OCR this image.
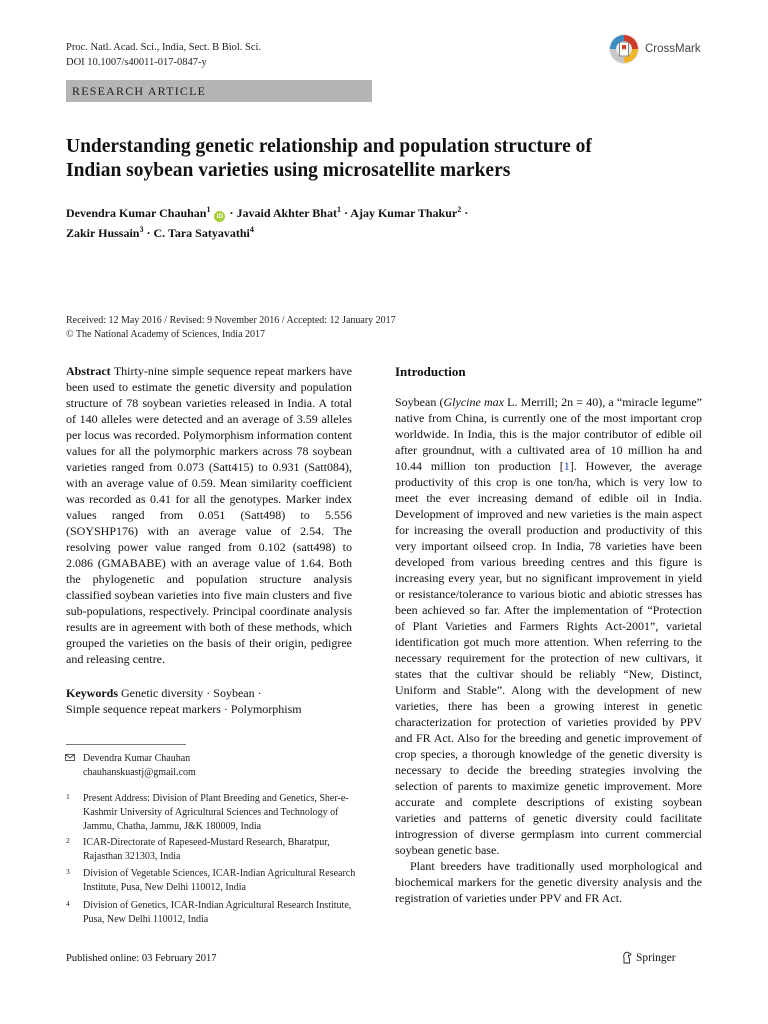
Proc. Natl. Acad. Sci., India, Sect. B Biol. Sci.
DOI 10.1007/s40011-017-0847-y
CrossMark
RESEARCH ARTICLE
Understanding genetic relationship and population structure of Indian soybean varieties using microsatellite markers
Devendra Kumar Chauhan$^1$ iD · Javaid Akhter Bhat$^1$ · Ajay Kumar Thakur$^2$ ·
Zakir Hussain$^3$ · C. Tara Satyavathi$^4$
Received: 12 May 2016 / Revised: 9 November 2016 / Accepted: 12 January 2017
© The National Academy of Sciences, India 2017
Abstract Thirty-nine simple sequence repeat markers have been used to estimate the genetic diversity and population structure of 78 soybean varieties released in India. A total of 140 alleles were detected and an average of 3.59 alleles per locus was recorded. Polymorphism information content values for all the polymorphic markers across 78 soybean varieties ranged from 0.073 (Satt415) to 0.931 (Satt084), with an average value of 0.59. Mean similarity coefficient was recorded as 0.41 for all the genotypes. Marker index values ranged from 0.051 (Satt498) to 5.556 (SOYSHP176) with an average value of 2.54. The resolving power value ranged from 0.102 (satt498) to 2.086 (GMABABE) with an average value of 1.64. Both the phylogenetic and population structure analysis classified soybean varieties into five main clusters and five sub-populations, respectively. Principal coordinate analysis results are in agreement with both of these methods, which grouped the varieties on the basis of their origin, pedigree and releasing centre.
Keywords Genetic diversity · Soybean ·
Simple sequence repeat markers · Polymorphism
Devendra Kumar Chauhan
chauhanskuastj@gmail.com
1 Present Address: Division of Plant Breeding and Genetics, Sher-e-Kashmir University of Agricultural Sciences and Technology of Jammu, Chatha, Jammu, J&K 180009, India
2 ICAR-Directorate of Rapeseed-Mustard Research, Bharatpur, Rajasthan 321303, India
3 Division of Vegetable Sciences, ICAR-Indian Agricultural Research Institute, Pusa, New Delhi 110012, India
4 Division of Genetics, ICAR-Indian Agricultural Research Institute, Pusa, New Delhi 110012, India
Introduction

Soybean (Glycine max L. Merrill; 2n = 40), a “miracle legume” native from China, is currently one of the most important crop worldwide. In India, this is the major contributor of edible oil after groundnut, with a cultivated area of 10 million ha and 10.44 million ton production [1]. However, the average productivity of this crop is one ton/ha, which is very low to meet the ever increasing demand of edible oil in India. Development of improved and new varieties is the main aspect for increasing the overall production and productivity of this very important oilseed crop. In India, 78 varieties have been developed from various breeding centres and this figure is increasing every year, but no significant improvement in yield or resistance/tolerance to various biotic and abiotic stresses has been achieved so far. After the implementation of “Protection of Plant Varieties and Farmers Rights Act-2001”, varietal identification got much more attention. When referring to the necessary requirement for the protection of new cultivars, it states that the cultivar should be reliably “New, Distinct, Uniform and Stable”. Along with the development of new varieties, there has been a growing interest in genetic characterization for protection of varieties provided by PPV and FR Act. Also for the breeding and genetic improvement of crop species, a thorough knowledge of the genetic diversity is necessary to decide the breeding strategies involving the selection of parents to maximize genetic improvement. More accurate and complete descriptions of existing soybean varieties and patterns of genetic diversity could facilitate introgression of diverse germplasm into current commercial soybean genetic base.

Plant breeders have traditionally used morphological and biochemical markers for the genetic diversity analysis and the registration of varieties under PPV and FR Act.

Published online: 03 February 2017	Springer
